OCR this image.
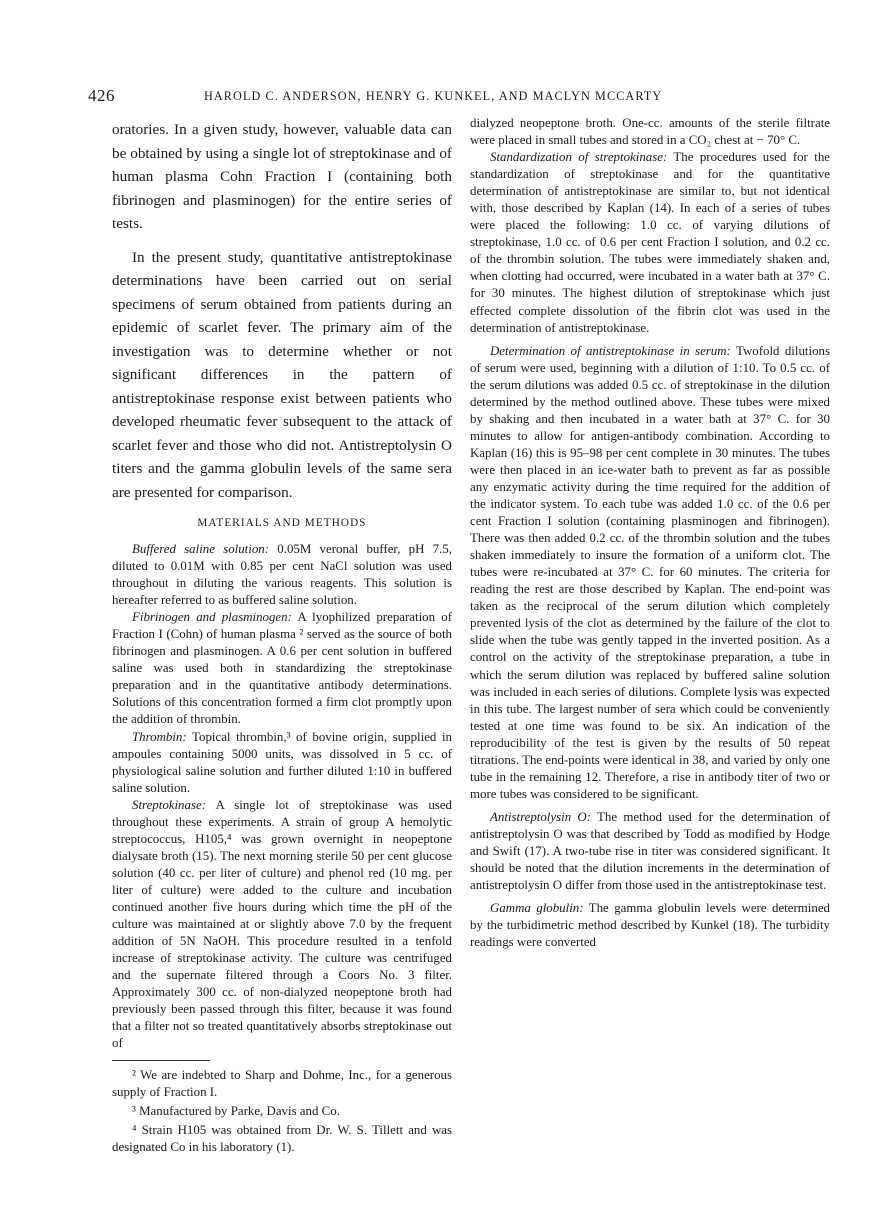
426	HAROLD C. ANDERSON, HENRY G. KUNKEL, AND MACLYN MCCARTY

oratories. In a given study, however, valuable data can be obtained by using a single lot of streptokinase and of human plasma Cohn Fraction I (containing both fibrinogen and plasminogen) for the entire series of tests.

In the present study, quantitative antistreptokinase determinations have been carried out on serial specimens of serum obtained from patients during an epidemic of scarlet fever. The primary aim of the investigation was to determine whether or not significant differences in the pattern of antistreptokinase response exist between patients who developed rheumatic fever subsequent to the attack of scarlet fever and those who did not. Antistreptolysin O titers and the gamma globulin levels of the same sera are presented for comparison.

MATERIALS AND METHODS

Buffered saline solution: 0.05M veronal buffer, pH 7.5, diluted to 0.01M with 0.85 per cent NaCl solution was used throughout in diluting the various reagents. This solution is hereafter referred to as buffered saline solution.

Fibrinogen and plasminogen: A lyophilized preparation of Fraction I (Cohn) of human plasma ² served as the source of both fibrinogen and plasminogen. A 0.6 per cent solution in buffered saline was used both in standardizing the streptokinase preparation and in the quantitative antibody determinations. Solutions of this concentration formed a firm clot promptly upon the addition of thrombin.

Thrombin: Topical thrombin,³ of bovine origin, supplied in ampoules containing 5000 units, was dissolved in 5 cc. of physiological saline solution and further diluted 1:10 in buffered saline solution.

Streptokinase: A single lot of streptokinase was used throughout these experiments. A strain of group A hemolytic streptococcus, H105,⁴ was grown overnight in neopeptone dialysate broth (15). The next morning sterile 50 per cent glucose solution (40 cc. per liter of culture) and phenol red (10 mg. per liter of culture) were added to the culture and incubation continued another five hours during which time the pH of the culture was maintained at or slightly above 7.0 by the frequent addition of 5N NaOH. This procedure resulted in a tenfold increase of streptokinase activity. The culture was centrifuged and the supernate filtered through a Coors No. 3 filter. Approximately 300 cc. of non-dialyzed neopeptone broth had previously been passed through this filter, because it was found that a filter not so treated quantitatively absorbs streptokinase out of

² We are indebted to Sharp and Dohme, Inc., for a generous supply of Fraction I.

³ Manufactured by Parke, Davis and Co.

⁴ Strain H105 was obtained from Dr. W. S. Tillett and was designated Co in his laboratory (1).

dialyzed neopeptone broth. One-cc. amounts of the sterile filtrate were placed in small tubes and stored in a CO₂ chest at − 70° C.

Standardization of streptokinase: The procedures used for the standardization of streptokinase and for the quantitative determination of antistreptokinase are similar to, but not identical with, those described by Kaplan (14). In each of a series of tubes were placed the following: 1.0 cc. of varying dilutions of streptokinase, 1.0 cc. of 0.6 per cent Fraction I solution, and 0.2 cc. of the thrombin solution. The tubes were immediately shaken and, when clotting had occurred, were incubated in a water bath at 37° C. for 30 minutes. The highest dilution of streptokinase which just effected complete dissolution of the fibrin clot was used in the determination of antistreptokinase.

Determination of antistreptokinase in serum: Twofold dilutions of serum were used, beginning with a dilution of 1:10. To 0.5 cc. of the serum dilutions was added 0.5 cc. of streptokinase in the dilution determined by the method outlined above. These tubes were mixed by shaking and then incubated in a water bath at 37° C. for 30 minutes to allow for antigen-antibody combination. According to Kaplan (16) this is 95–98 per cent complete in 30 minutes. The tubes were then placed in an ice-water bath to prevent as far as possible any enzymatic activity during the time required for the addition of the indicator system. To each tube was added 1.0 cc. of the 0.6 per cent Fraction I solution (containing plasminogen and fibrinogen). There was then added 0.2 cc. of the thrombin solution and the tubes shaken immediately to insure the formation of a uniform clot. The tubes were re-incubated at 37° C. for 60 minutes. The criteria for reading the rest are those described by Kaplan. The end-point was taken as the reciprocal of the serum dilution which completely prevented lysis of the clot as determined by the failure of the clot to slide when the tube was gently tapped in the inverted position. As a control on the activity of the streptokinase preparation, a tube in which the serum dilution was replaced by buffered saline solution was included in each series of dilutions. Complete lysis was expected in this tube. The largest number of sera which could be conveniently tested at one time was found to be six. An indication of the reproducibility of the test is given by the results of 50 repeat titrations. The end-points were identical in 38, and varied by only one tube in the remaining 12. Therefore, a rise in antibody titer of two or more tubes was considered to be significant.

Antistreptolysin O: The method used for the determination of antistreptolysin O was that described by Todd as modified by Hodge and Swift (17). A two-tube rise in titer was considered significant. It should be noted that the dilution increments in the determination of antistreptolysin O differ from those used in the antistreptokinase test.

Gamma globulin: The gamma globulin levels were determined by the turbidimetric method described by Kunkel (18). The turbidity readings were converted
